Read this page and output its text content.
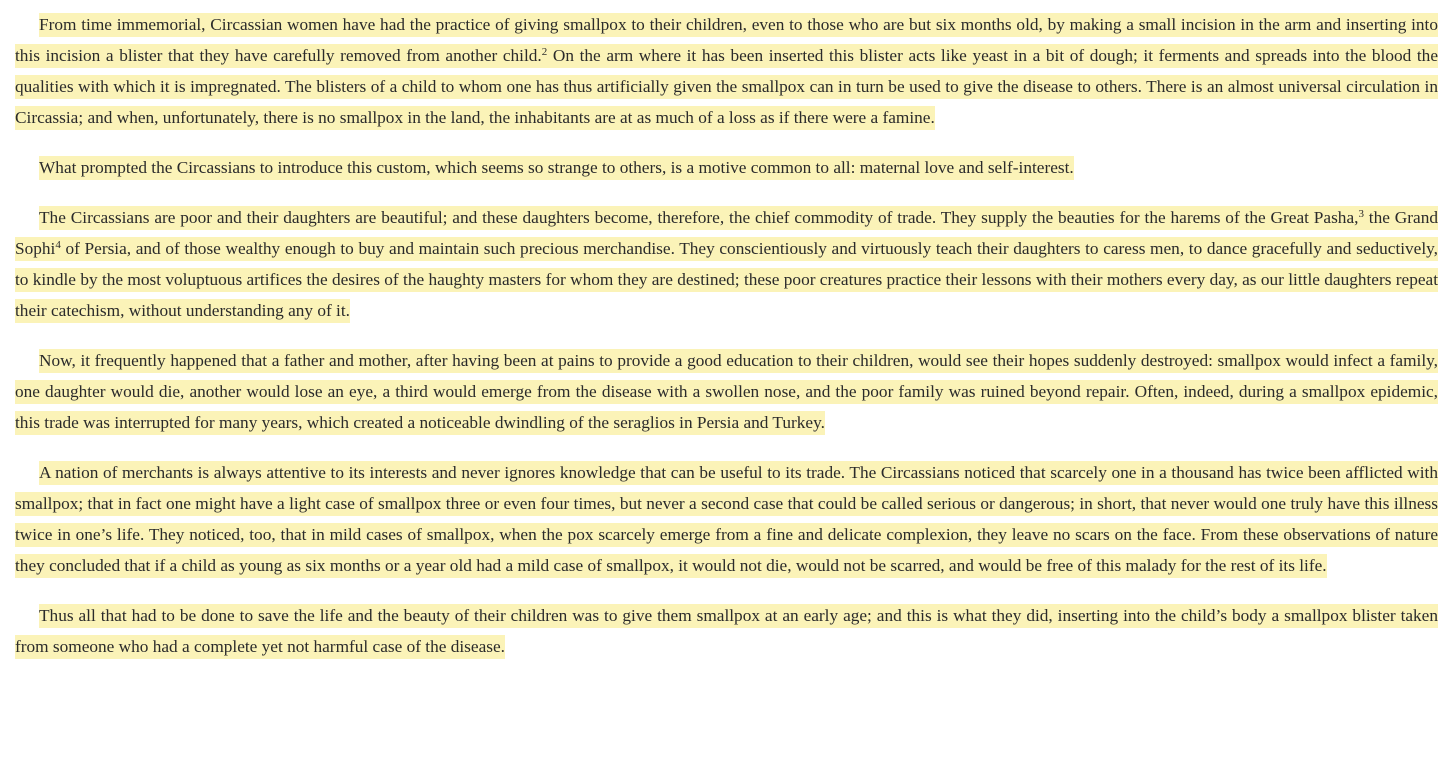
From time immemorial, Circassian women have had the practice of giving smallpox to their children, even to those who are but six months old, by making a small incision in the arm and inserting into this incision a blister that they have carefully removed from another child.$^2$ On the arm where it has been inserted this blister acts like yeast in a bit of dough; it ferments and spreads into the blood the qualities with which it is impregnated. The blisters of a child to whom one has thus artificially given the smallpox can in turn be used to give the disease to others. There is an almost universal circulation in Circassia; and when, unfortunately, there is no smallpox in the land, the inhabitants are at as much of a loss as if there were a famine.

What prompted the Circassians to introduce this custom, which seems so strange to others, is a motive common to all: maternal love and self-interest.

The Circassians are poor and their daughters are beautiful; and these daughters become, therefore, the chief commodity of trade. They supply the beauties for the harems of the Great Pasha,$^3$ the Grand Sophi$^4$ of Persia, and of those wealthy enough to buy and maintain such precious merchandise. They conscientiously and virtuously teach their daughters to caress men, to dance gracefully and seductively, to kindle by the most voluptuous artifices the desires of the haughty masters for whom they are destined; these poor creatures practice their lessons with their mothers every day, as our little daughters repeat their catechism, without understanding any of it.

Now, it frequently happened that a father and mother, after having been at pains to provide a good education to their children, would see their hopes suddenly destroyed: smallpox would infect a family, one daughter would die, another would lose an eye, a third would emerge from the disease with a swollen nose, and the poor family was ruined beyond repair. Often, indeed, during a smallpox epidemic, this trade was interrupted for many years, which created a noticeable dwindling of the seraglios in Persia and Turkey.

A nation of merchants is always attentive to its interests and never ignores knowledge that can be useful to its trade. The Circassians noticed that scarcely one in a thousand has twice been afflicted with smallpox; that in fact one might have a light case of smallpox three or even four times, but never a second case that could be called serious or dangerous; in short, that never would one truly have this illness twice in one’s life. They noticed, too, that in mild cases of smallpox, when the pox scarcely emerge from a fine and delicate complexion, they leave no scars on the face. From these observations of nature they concluded that if a child as young as six months or a year old had a mild case of smallpox, it would not die, would not be scarred, and would be free of this malady for the rest of its life.

Thus all that had to be done to save the life and the beauty of their children was to give them smallpox at an early age; and this is what they did, inserting into the child’s body a smallpox blister taken from someone who had a complete yet not harmful case of the disease.
